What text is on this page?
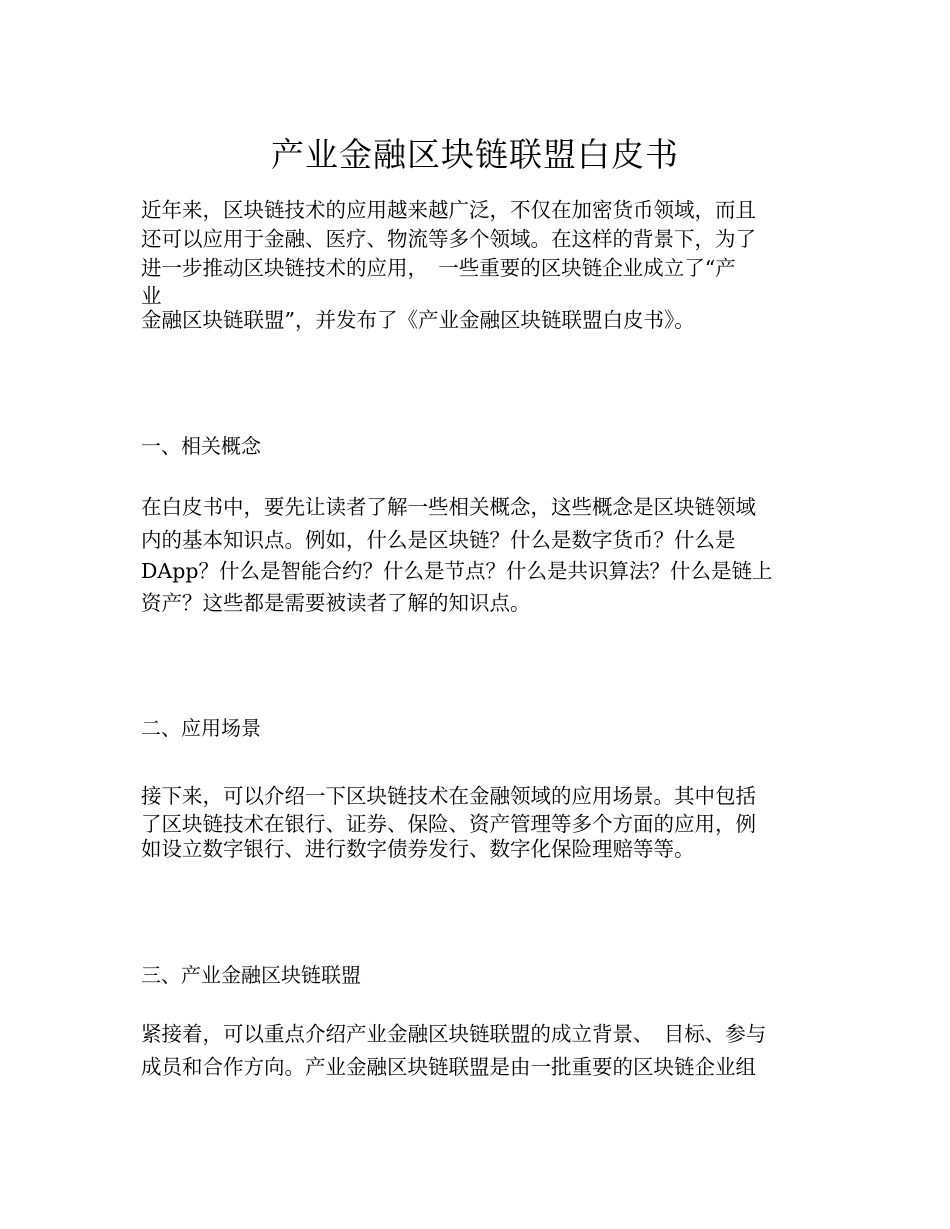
产业金融区块链联盟白皮书
近年来，区块链技术的应用越来越广泛，不仅在加密货币领域，而且
还可以应用于金融、医疗、物流等多个领域。在这样的背景下，为了
进一步推动区块链技术的应用，　一些重要的区块链企业成立了“产
业
金融区块链联盟”，并发布了《产业金融区块链联盟白皮书》。
一、相关概念
在白皮书中，要先让读者了解一些相关概念，这些概念是区块链领域
内的基本知识点。例如，什么是区块链？什么是数字货币？什么是
DApp？什么是智能合约？什么是节点？什么是共识算法？什么是链上
资产？这些都是需要被读者了解的知识点。
二、应用场景
接下来，可以介绍一下区块链技术在金融领域的应用场景。其中包括
了区块链技术在银行、证券、保险、资产管理等多个方面的应用，例
如设立数字银行、进行数字债券发行、数字化保险理赔等等。
三、产业金融区块链联盟
紧接着，可以重点介绍产业金融区块链联盟的成立背景、　目标、参与
成员和合作方向。产业金融区块链联盟是由一批重要的区块链企业组
